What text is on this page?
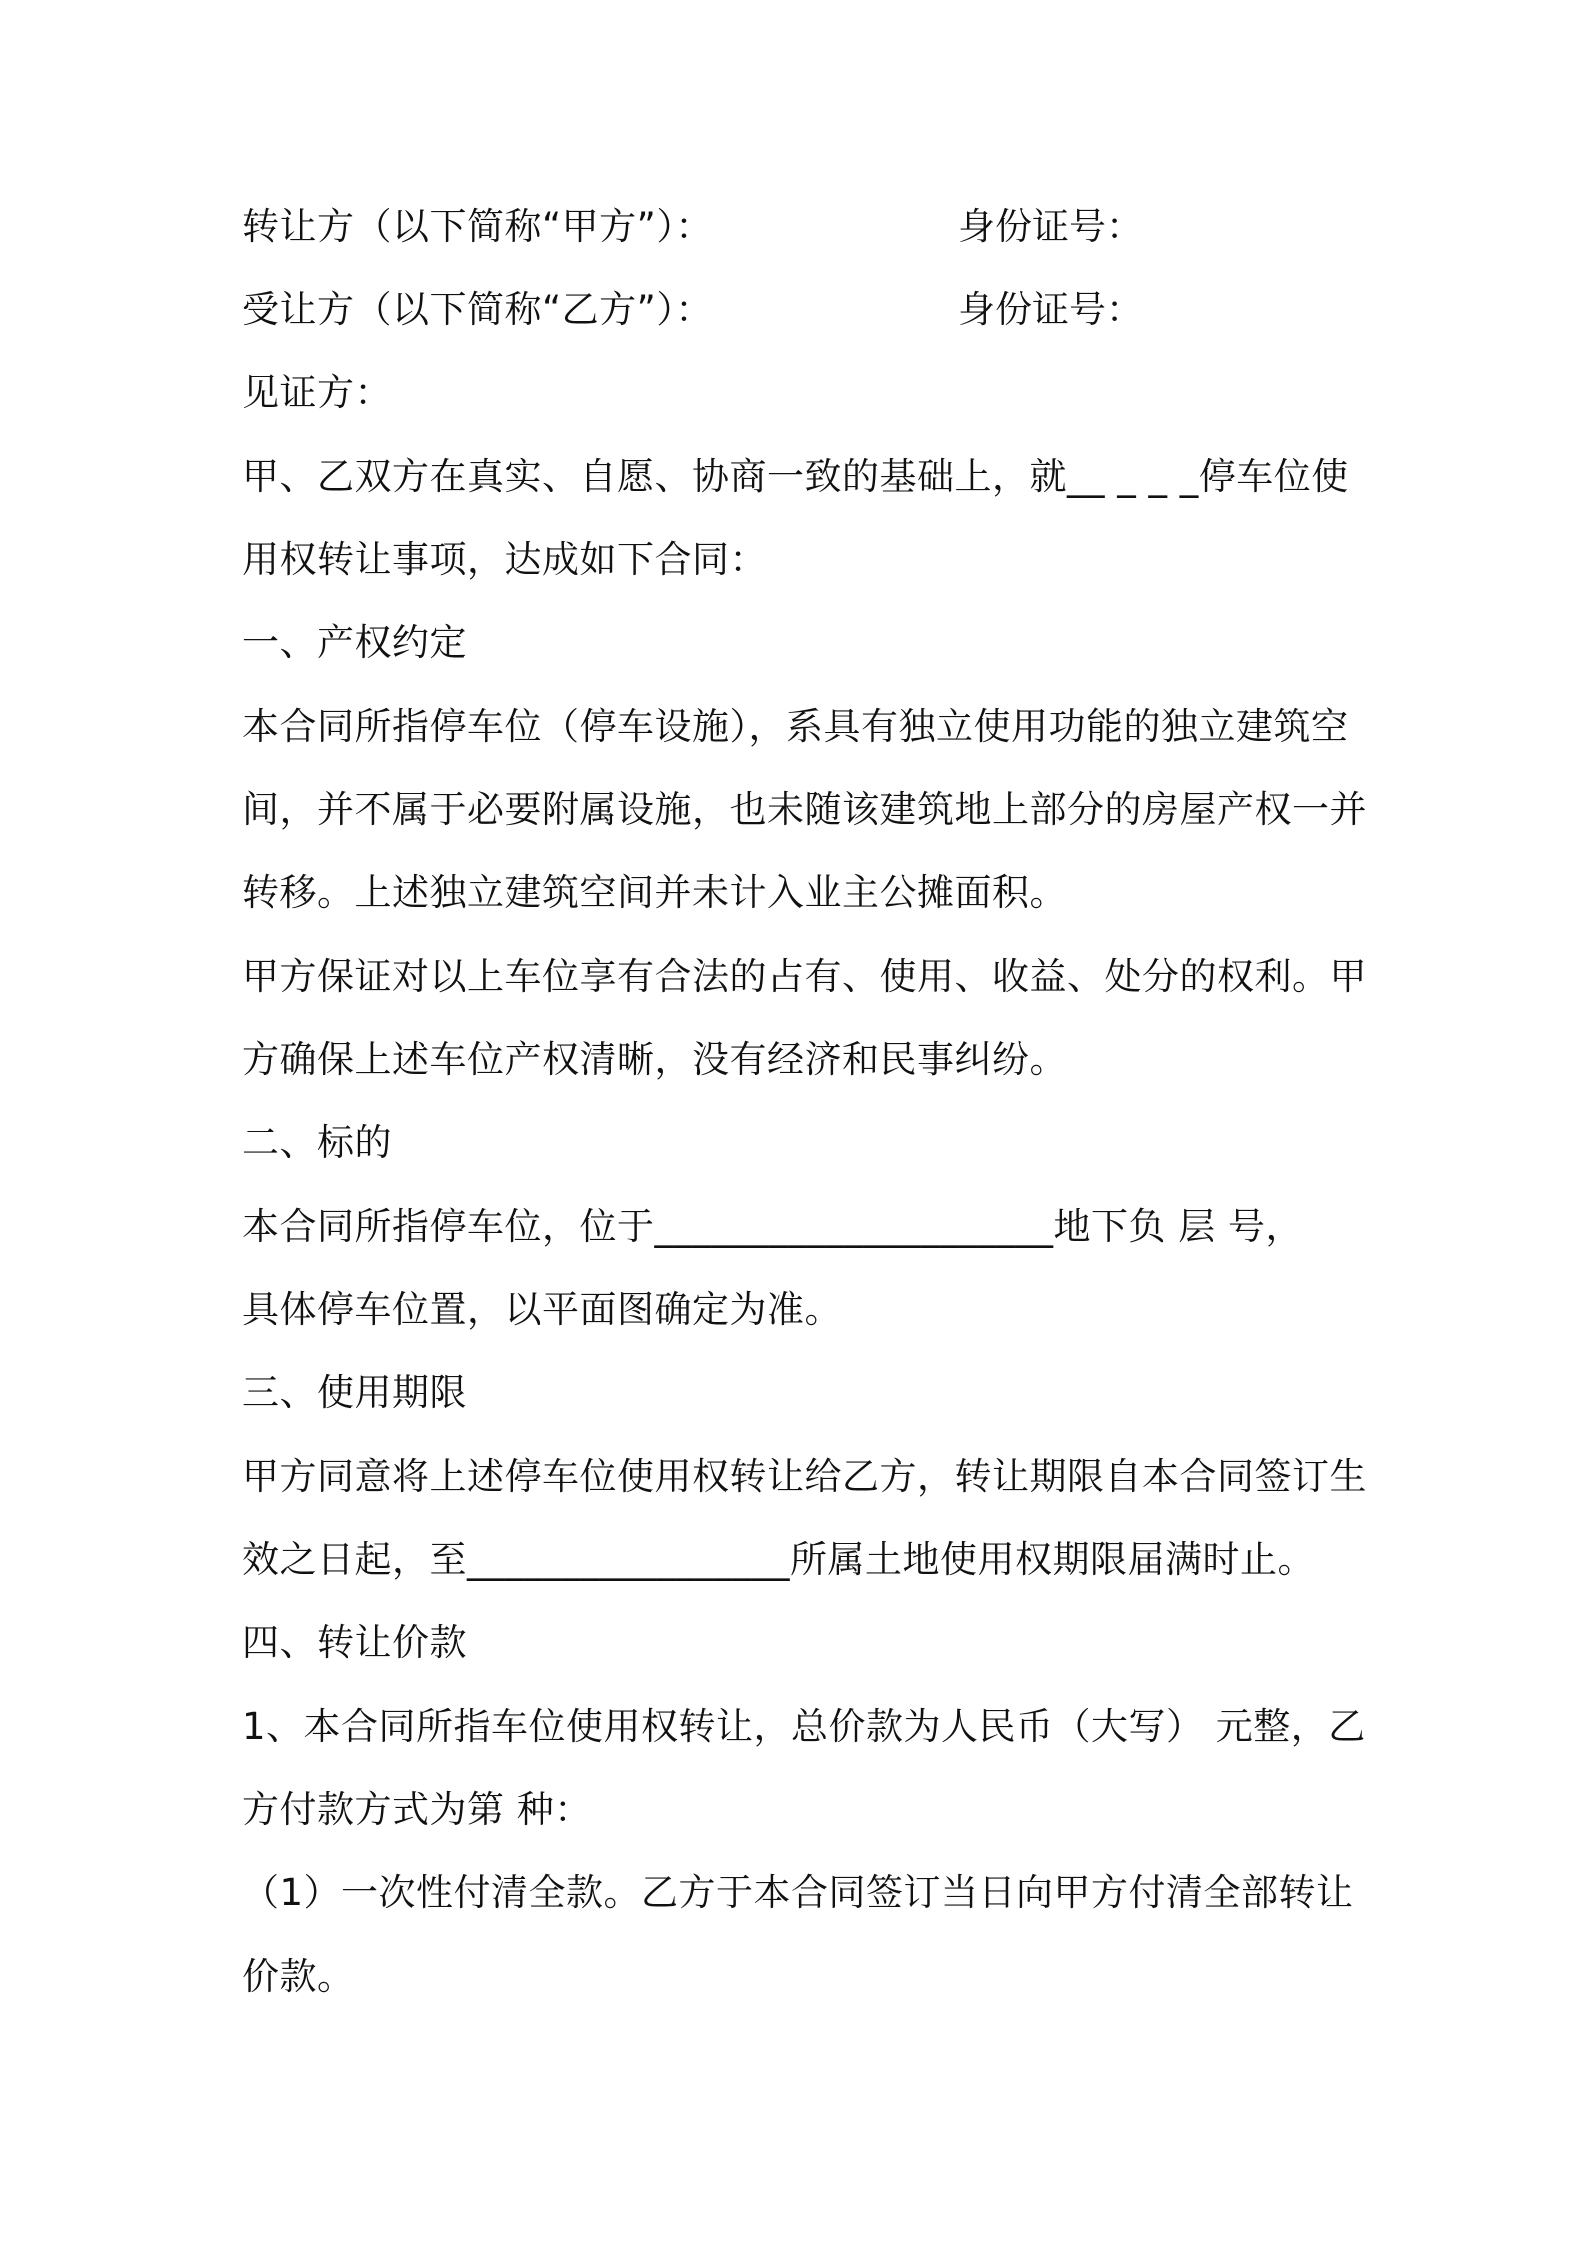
转让方（以下简称“甲方”）：	身份证号：
受让方（以下简称“乙方”）：	身份证号：
见证方：
甲、乙双方在真实、自愿、协商一致的基础上，就__ _ _ _停车位使
用权转让事项，达成如下合同：
一、产权约定
本合同所指停车位（停车设施），系具有独立使用功能的独立建筑空
间，并不属于必要附属设施，也未随该建筑地上部分的房屋产权一并
转移。上述独立建筑空间并未计入业主公摊面积。
甲方保证对以上车位享有合法的占有、使用、收益、处分的权利。甲
方确保上述车位产权清晰，没有经济和民事纠纷。
二、标的
本合同所指停车位，位于_____________________地下负 层 号，
具体停车位置，以平面图确定为准。
三、使用期限
甲方同意将上述停车位使用权转让给乙方，转让期限自本合同签订生
效之日起，至_________________所属土地使用权期限届满时止。
四、转让价款
1、本合同所指车位使用权转让，总价款为人民币（大写） 元整，乙
方付款方式为第 种：
（1）一次性付清全款。乙方于本合同签订当日向甲方付清全部转让
价款。
